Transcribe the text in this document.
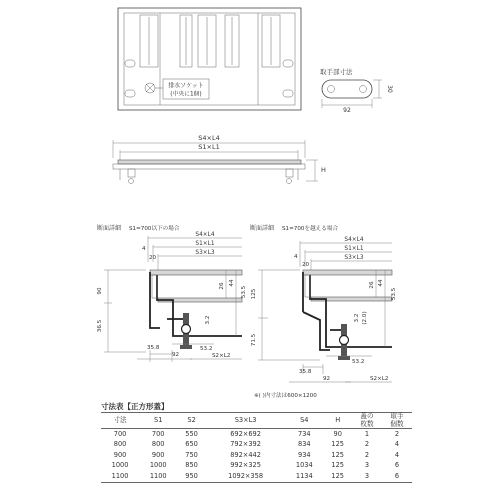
排水ソケット
(中央に1個)
取手部寸法
92
30
S4×L4
S1×L1
H
断面詳細 S1=700以下の場合
S4×L4
S1×L1
S3×L3
4
20
90
36.5
26 44
53.5
3.2
35.8	53.2
92	S2×L2
断面詳細 S1=700を越える場合
S4×L4
S1×L1
S3×L3
4
20
125
71.5
26 44
53.5
3.2 (2.0)
35.8
53.2
92	S2×L2
※( )内寸法は600×1200
寸法表【正方形蓋】
寸法	S1	S2	S3×L3	S4	H	蓋の
枚数	取手
個数
700	700	550	692×692	734	90	1	2
800	800	650	792×392	834	125	2	4
900	900	750	892×442	934	125	2	4
1000	1000	850	992×325	1034	125	3	6
1100	1100	950	1092×358	1134	125	3	6
